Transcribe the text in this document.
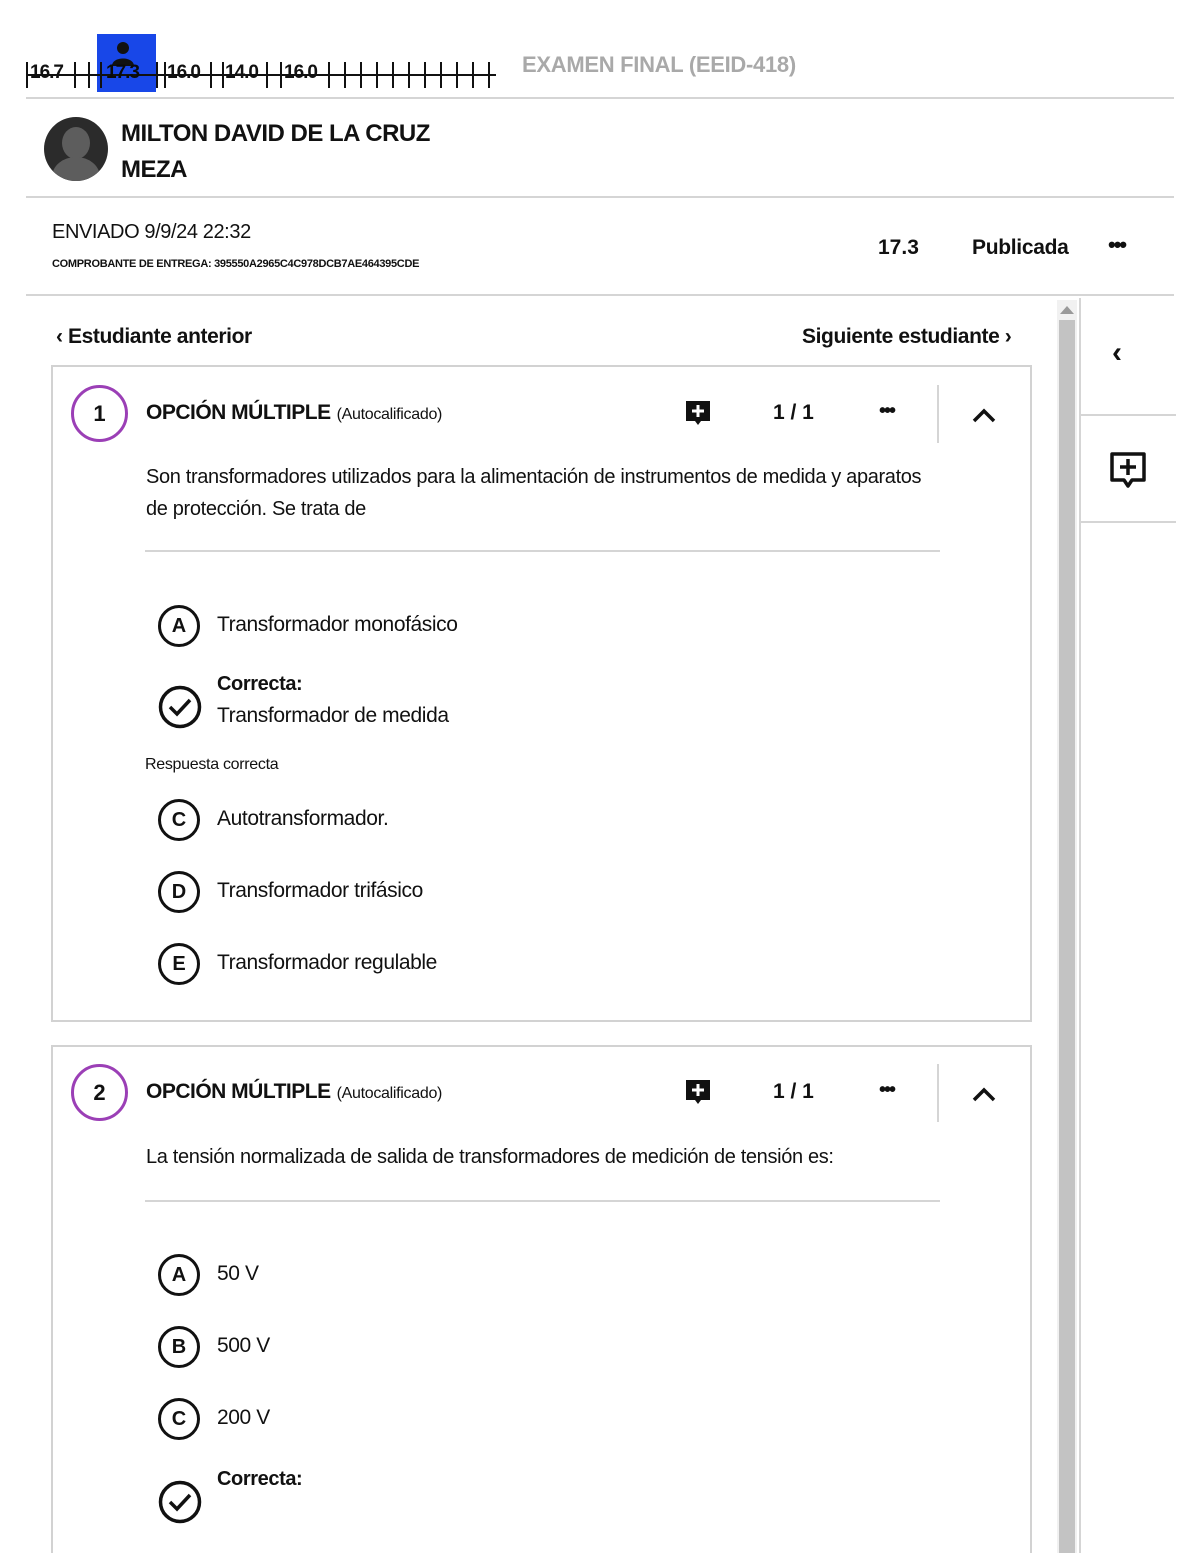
16.7 17.3 16.0 14.0 16.0	EXAMEN FINAL (EEID-418)
MILTON DAVID DE LA CRUZ MEZA
ENVIADO 9/9/24 22:32
COMPROBANTE DE ENTREGA: 395550A2965C4C978DCB7AE464395CDE
17.3	Publicada •••
‹ Estudiante anterior	Siguiente estudiante ›	‹
1	OPCIÓN MÚLTIPLE (Autocalificado)	1 / 1	•••
Son transformadores utilizados para la alimentación de instrumentos de medida y aparatos de protección. Se trata de
A	Transformador monofásico
Correcta:
Transformador de medida
Respuesta correcta
C	Autotransformador.
D	Transformador trifásico
E	Transformador regulable
2	OPCIÓN MÚLTIPLE (Autocalificado)	1 / 1	•••
La tensión normalizada de salida de transformadores de medición de tensión es:
A	50 V
B	500 V
C	200 V
Correcta:
